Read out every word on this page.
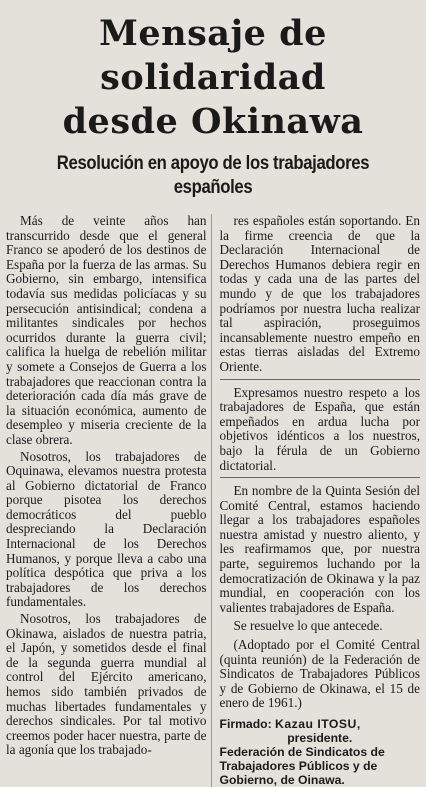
Mensaje de solidaridad
desde Okinawa
Resolución en apoyo de los trabajadores españoles

Más de veinte años han transcurrido desde que el general Franco se apoderó de los destinos de España por la fuerza de las armas. Su Gobierno, sin embargo, intensifica todavía sus medidas policíacas y su persecución antisindical; condena a militantes sindicales por hechos ocurridos durante la guerra civil; califica la huelga de rebelión militar y somete a Consejos de Guerra a los trabajadores que reaccionan contra la deterioración cada día más grave de la situación económica, aumento de desempleo y miseria creciente de la clase obrera.

Nosotros, los trabajadores de Oquinawa, elevamos nuestra protesta al Gobierno dictatorial de Franco porque pisotea los derechos democráticos del pueblo despreciando la Declaración Internacional de los Derechos Humanos, y porque lleva a cabo una política despótica que priva a los trabajadores de los derechos fundamentales.

Nosotros, los trabajadores de Okinawa, aislados de nuestra patria, el Japón, y sometidos desde el final de la segunda guerra mundial al control del Ejército americano, hemos sido también privados de muchas libertades fundamentales y derechos sindicales. Por tal motivo creemos poder hacer nuestra, parte de la agonía que los trabajado-

res españoles están soportando. En la firme creencia de que la Declaración Internacional de Derechos Humanos debiera regir en todas y cada una de las partes del mundo y de que los trabajadores podríamos por nuestra lucha realizar tal aspiración, proseguimos incansablemente nuestro empeño en estas tierras aisladas del Extremo Oriente.

Expresamos nuestro respeto a los trabajadores de España, que están empeñados en ardua lucha por objetivos idénticos a los nuestros, bajo la férula de un Gobierno dictatorial.

En nombre de la Quinta Sesión del Comité Central, estamos haciendo llegar a los trabajadores españoles nuestra amistad y nuestro aliento, y les reafirmamos que, por nuestra parte, seguiremos luchando por la democratización de Okinawa y la paz mundial, en cooperación con los valientes trabajadores de España.

Se resuelve lo que antecede.

(Adoptado por el Comité Central (quinta reunión) de la Federación de Sindicatos de Trabajadores Públicos y de Gobierno de Okinawa, el 15 de enero de 1961.)

Firmado: Kazau ITOSU,
presidente.
Federación de Sindicatos de Trabajadores Públicos y de Gobierno, de Oinawa.
